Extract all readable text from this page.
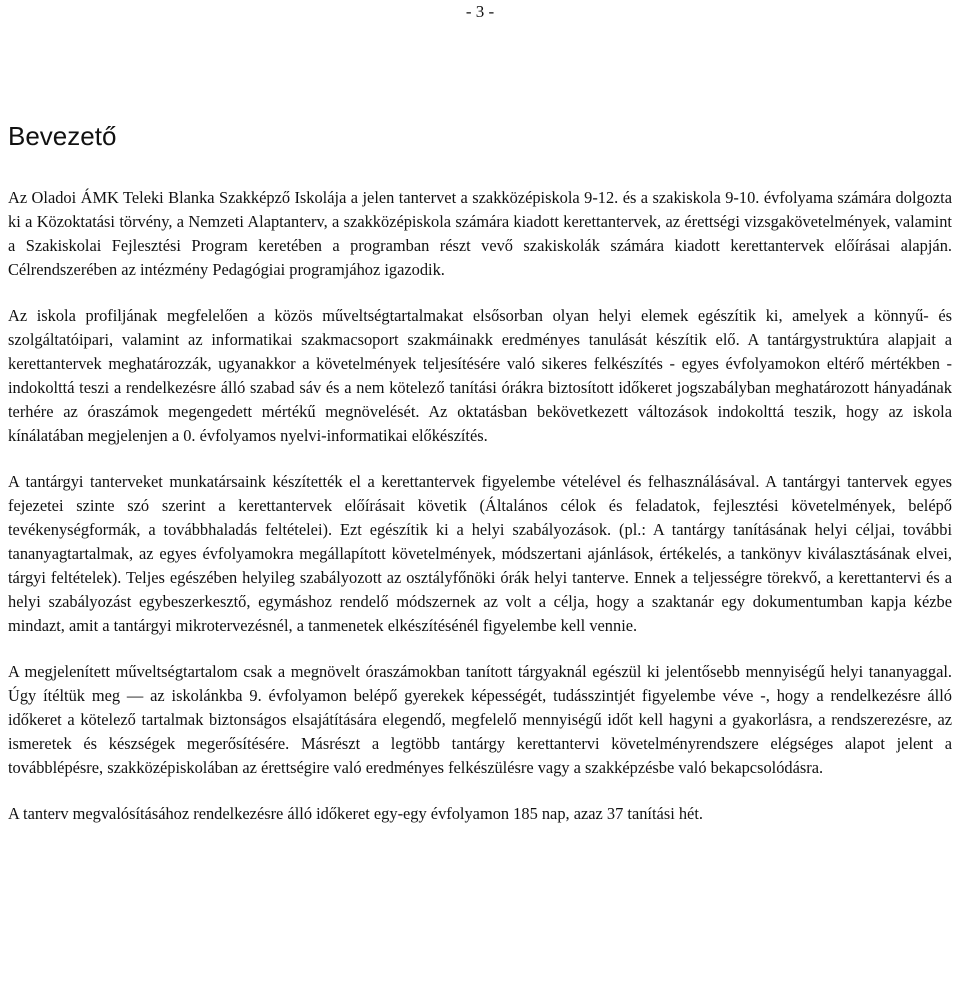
- 3 -
Bevezető

Az Oladoi ÁMK Teleki Blanka Szakképző Iskolája a jelen tantervet a szakközépiskola 9-12. és a szakiskola 9-10. évfolyama számára dolgozta ki a Közoktatási törvény, a Nemzeti Alaptanterv, a szakközépiskola számára kiadott kerettantervek, az érettségi vizsgakövetelmények, valamint a Szakiskolai Fejlesztési Program keretében a programban részt vevő szakiskolák számára kiadott kerettantervek előírásai alapján. Célrendszerében az intézmény Pedagógiai programjához igazodik.

Az iskola profiljának megfelelően a közös műveltségtartalmakat elsősorban olyan helyi elemek egészítik ki, amelyek a könnyű- és szolgáltatóipari, valamint az informatikai szakmacsoport szakmáinakk eredményes tanulását készítik elő. A tantárgystruktúra alapjait a kerettantervek meghatározzák, ugyanakkor a követelmények teljesítésére való sikeres felkészítés - egyes évfolyamokon eltérő mértékben - indokolttá teszi a rendelkezésre álló szabad sáv és a nem kötelező tanítási órákra biztosított időkeret jogszabályban meghatározott hányadának terhére az óraszámok megengedett mértékű megnövelését. Az oktatásban bekövetkezett változások indokolttá teszik, hogy az iskola kínálatában megjelenjen a 0. évfolyamos nyelvi-informatikai előkészítés.

A tantárgyi tanterveket munkatársaink készítették el a kerettantervek figyelembe vételével és felhasználásával. A tantárgyi tantervek egyes fejezetei szinte szó szerint a kerettantervek előírásait követik (Általános célok és feladatok, fejlesztési követelmények, belépő tevékenységformák, a továbbhaladás feltételei). Ezt egészítik ki a helyi szabályozások. (pl.: A tantárgy tanításának helyi céljai, további tananyagtartalmak, az egyes évfolyamokra megállapított követelmények, módszertani ajánlások, értékelés, a tankönyv kiválasztásának elvei, tárgyi feltételek). Teljes egészében helyileg szabályozott az osztályfőnöki órák helyi tanterve. Ennek a teljességre törekvő, a kerettantervi és a helyi szabályozást egybeszerkesztő, egymáshoz rendelő módszernek az volt a célja, hogy a szaktanár egy dokumentumban kapja kézbe mindazt, amit a tantárgyi mikrotervezésnél, a tanmenetek elkészítésénél figyelembe kell vennie.

A megjelenített műveltségtartalom csak a megnövelt óraszámokban tanított tárgyaknál egészül ki jelentősebb mennyiségű helyi tananyaggal. Úgy ítéltük meg — az iskolánkba 9. évfolyamon belépő gyerekek képességét, tudásszintjét figyelembe véve -, hogy a rendelkezésre álló időkeret a kötelező tartalmak biztonságos elsajátítására elegendő, megfelelő mennyiségű időt kell hagyni a gyakorlásra, a rendszerezésre, az ismeretek és készségek megerősítésére. Másrészt a legtöbb tantárgy kerettantervi követelményrendszere elégséges alapot jelent a továbblépésre, szakközépiskolában az érettségire való eredményes felkészülésre vagy a szakképzésbe való bekapcsolódásra.

A tanterv megvalósításához rendelkezésre álló időkeret egy-egy évfolyamon 185 nap, azaz 37 tanítási hét.
